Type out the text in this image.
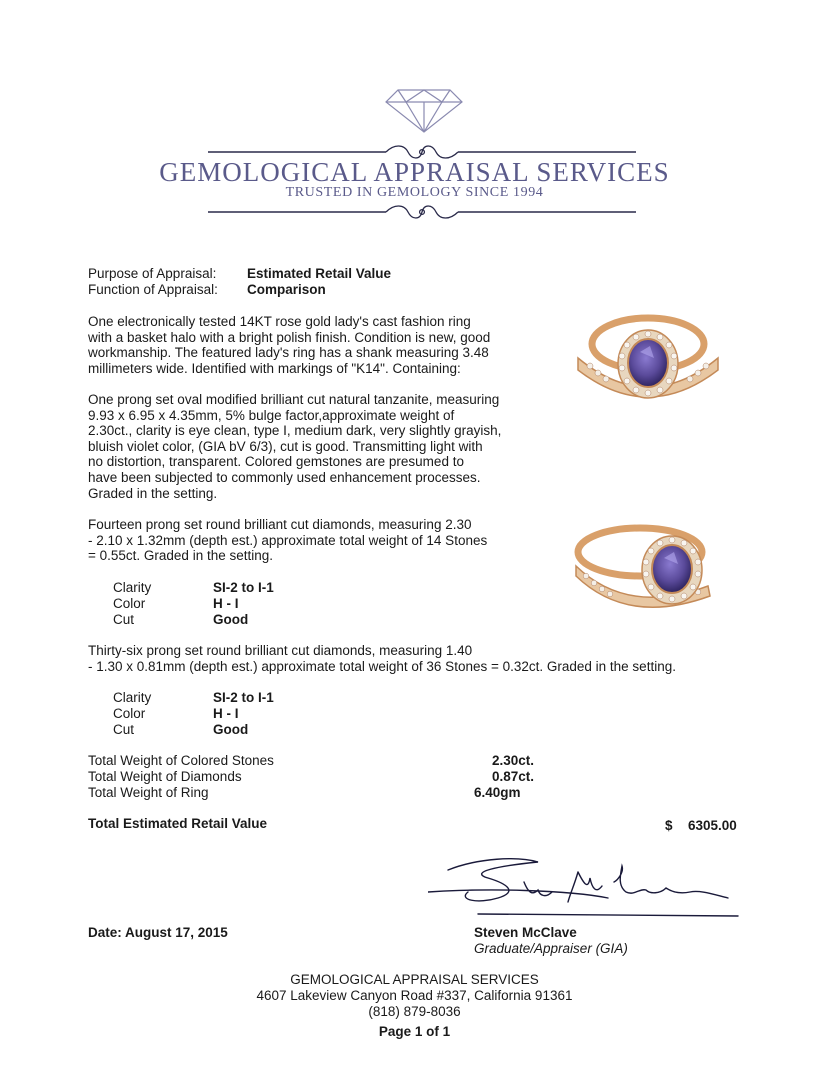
GEMOLOGICAL APPRAISAL SERVICES
TRUSTED IN GEMOLOGY SINCE 1994
Purpose of Appraisal: Estimated Retail Value
Function of Appraisal: Comparison
One electronically tested 14KT rose gold lady's cast fashion ring
with a basket halo with a bright polish finish. Condition is new, good
workmanship. The featured lady's ring has a shank measuring 3.48
millimeters wide. Identified with markings of "K14". Containing:
One prong set oval modified brilliant cut natural tanzanite, measuring
9.93 x 6.95 x 4.35mm, 5% bulge factor,approximate weight of
2.30ct., clarity is eye clean, type I, medium dark, very slightly grayish,
bluish violet color, (GIA bV 6/3), cut is good. Transmitting light with
no distortion, transparent. Colored gemstones are presumed to
have been subjected to commonly used enhancement processes.
Graded in the setting.
Fourteen prong set round brilliant cut diamonds, measuring 2.30
- 2.10 x 1.32mm (depth est.) approximate total weight of 14 Stones
= 0.55ct. Graded in the setting.
Clarity	SI-2 to I-1
Color	H - I
Cut	Good
Thirty-six prong set round brilliant cut diamonds, measuring 1.40
- 1.30 x 0.81mm (depth est.) approximate total weight of 36 Stones = 0.32ct. Graded in the setting.
Clarity	SI-2 to I-1
Color	H - I
Cut	Good
Total Weight of Colored Stones	2.30ct.
Total Weight of Diamonds	0.87ct.
Total Weight of Ring	6.40gm
Total Estimated Retail Value	$ 6305.00
Date: August 17, 2015	Steven McClave
Graduate/Appraiser (GIA)
GEMOLOGICAL APPRAISAL SERVICES
4607 Lakeview Canyon Road #337, California 91361
(818) 879-8036
Page 1 of 1
